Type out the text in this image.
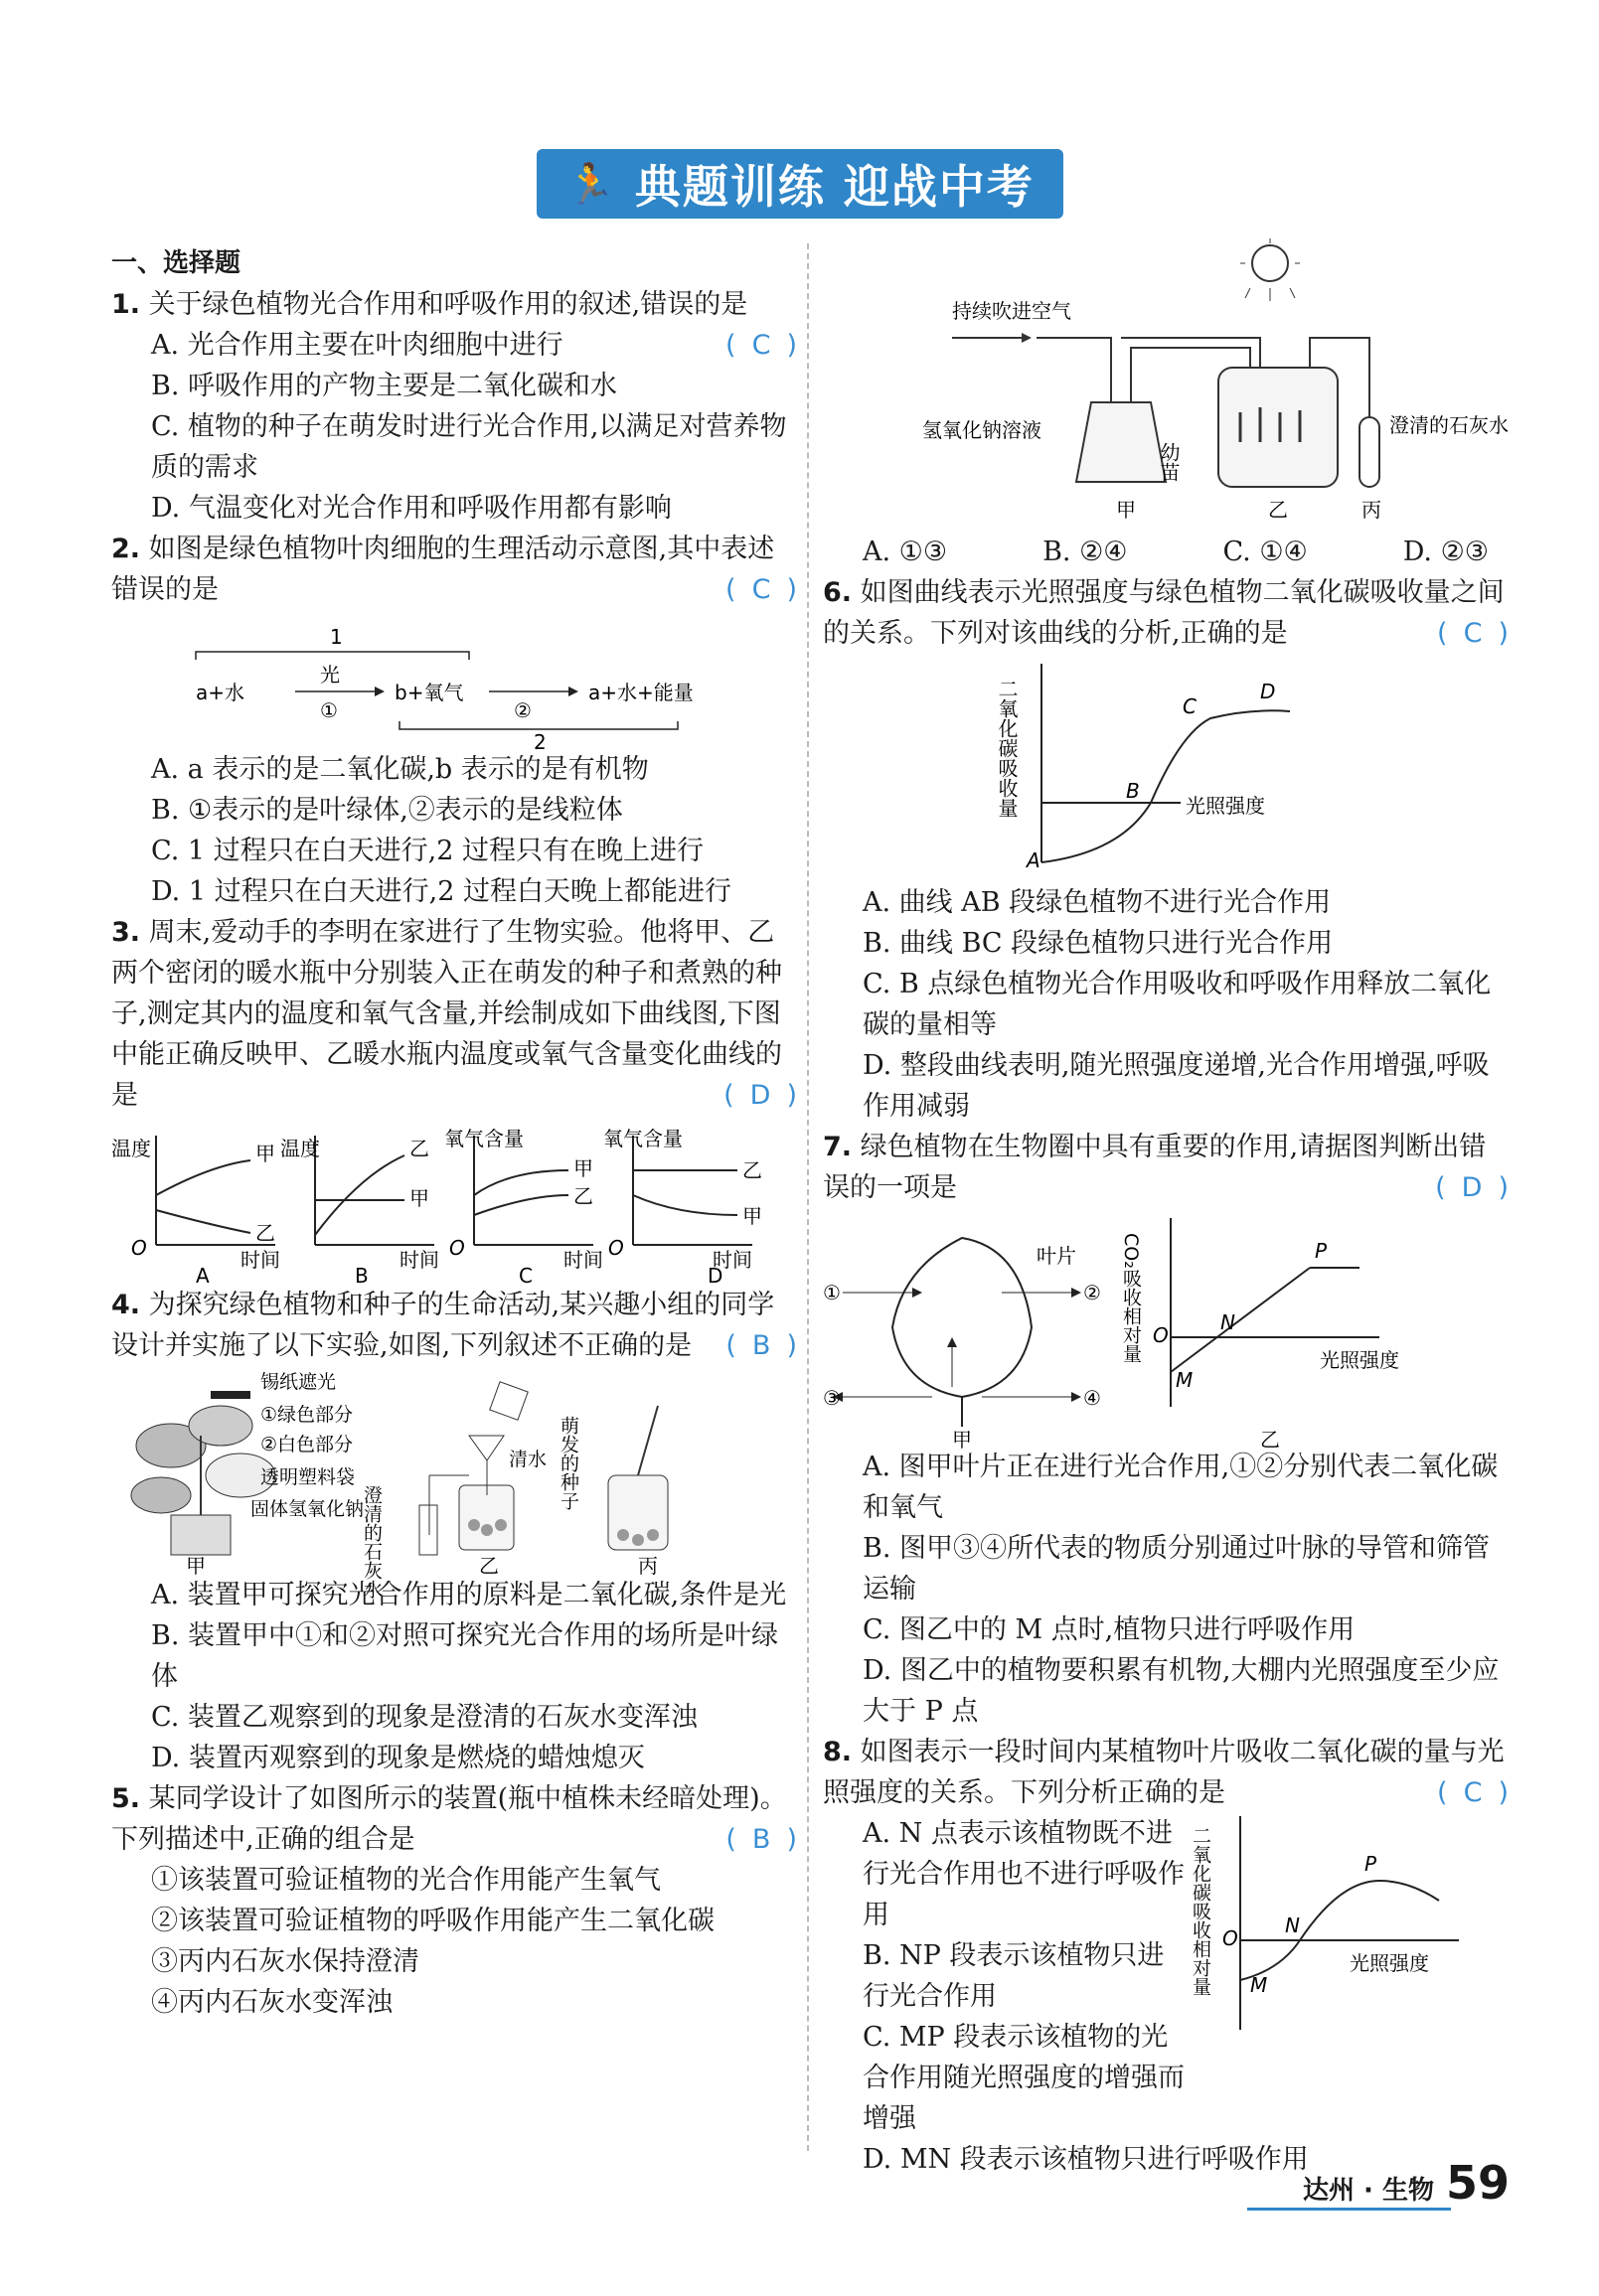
🏃 典题训练 迎战中考
一、选择题
1. 关于绿色植物光合作用和呼吸作用的叙述,错误的是
( C )
A. 光合作用主要在叶肉细胞中进行
B. 呼吸作用的产物主要是二氧化碳和水
C. 植物的种子在萌发时进行光合作用,以满足对营养物质的需求
D. 气温变化对光合作用和呼吸作用都有影响
2. 如图是绿色植物叶肉细胞的生理活动示意图,其中表述错误的是	( C )
1
a+水
光
①
b+氧气
②
a+水+能量
2
A. a 表示的是二氧化碳,b 表示的是有机物
B. ①表示的是叶绿体,②表示的是线粒体
C. 1 过程只在白天进行,2 过程只有在晚上进行
D. 1 过程只在白天进行,2 过程白天晚上都能进行
3. 周末,爱动手的李明在家进行了生物实验。他将甲、乙两个密闭的暖水瓶中分别装入正在萌发的种子和煮熟的种子,测定其内的温度和氧气含量,并绘制成如下曲线图,下图中能正确反映甲、乙暖水瓶内温度或氧气含量变化曲线的是	( D )
温度	甲
乙
O	时间
A
温度	乙
甲
时间
B
氧气含量
甲
乙
O	时间
C
氧气含量
乙
甲
O	时间
D
4. 为探究绿色植物和种子的生命活动,某兴趣小组的同学设计并实施了以下实验,如图,下列叙述不正确的是 ( B )
锡纸遮光
①绿色部分
②白色部分
透明塑料袋
固体氢氧化钠
甲	澄清的石灰水
清水
乙
萌发的种子
丙
A. 装置甲可探究光合作用的原料是二氧化碳,条件是光
B. 装置甲中①和②对照可探究光合作用的场所是叶绿体
C. 装置乙观察到的现象是澄清的石灰水变浑浊
D. 装置丙观察到的现象是燃烧的蜡烛熄灭
5. 某同学设计了如图所示的装置(瓶中植株未经暗处理)。下列描述中,正确的组合是	( B )
①该装置可验证植物的光合作用能产生氧气
②该装置可验证植物的呼吸作用能产生二氧化碳
③丙内石灰水保持澄清
④丙内石灰水变浑浊
持续吹进空气
氢氧化钠溶液
幼苗
澄清的石灰水
甲	乙	丙
A. ①③	B. ②④	C. ①④	D. ②③
6. 如图曲线表示光照强度与绿色植物二氧化碳吸收量之间的关系。下列对该曲线的分析,正确的是	( C )
二氧化碳吸收量
A
B
C
D
光照强度
A. 曲线 AB 段绿色植物不进行光合作用
B. 曲线 BC 段绿色植物只进行光合作用
C. B 点绿色植物光合作用吸收和呼吸作用释放二氧化碳的量相等
D. 整段曲线表明,随光照强度递增,光合作用增强,呼吸作用减弱
7. 绿色植物在生物圈中具有重要的作用,请据图判断出错误的一项是	( D )
①	②
③	④
叶片
甲
CO₂吸收相对量	P
N
M
O
光照强度
乙
A. 图甲叶片正在进行光合作用,①②分别代表二氧化碳和氧气
B. 图甲③④所代表的物质分别通过叶脉的导管和筛管运输
C. 图乙中的 M 点时,植物只进行呼吸作用
D. 图乙中的植物要积累有机物,大棚内光照强度至少应大于 P 点
8. 如图表示一段时间内某植物叶片吸收二氧化碳的量与光照强度的关系。下列分析正确的是	( C )
A. N 点表示该植物既不进行光合作用也不进行呼吸作用
B. NP 段表示该植物只进行光合作用
C. MP 段表示该植物的光合作用随光照强度的增强而增强
D. MN 段表示该植物只进行呼吸作用
二氧化碳吸收相对量	P
N
M
O
光照强度
达州 · 生物 59
